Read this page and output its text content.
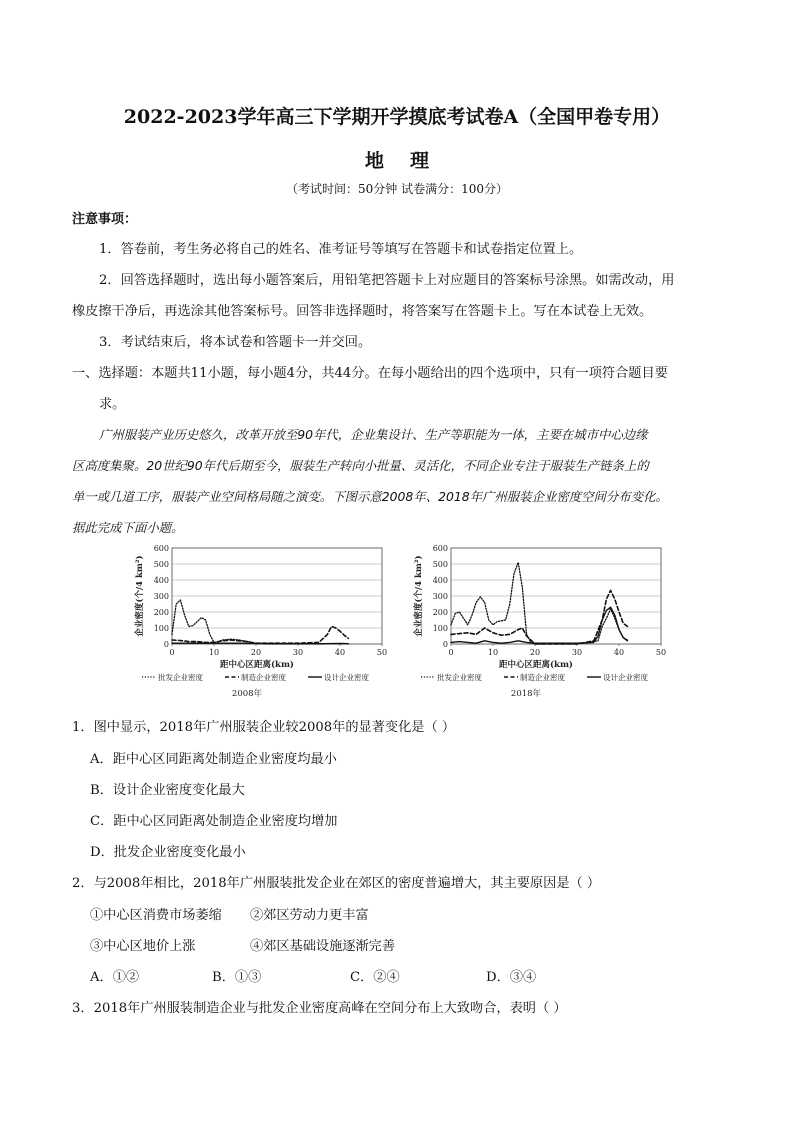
2022-2023学年高三下学期开学摸底考试卷A（全国甲卷专用）
地理
（考试时间：50分钟 试卷满分：100分）
注意事项：
1．答卷前，考生务必将自己的姓名、准考证号等填写在答题卡和试卷指定位置上。
2．回答选择题时，选出每小题答案后，用铅笔把答题卡上对应题目的答案标号涂黑。如需改动，用
橡皮擦干净后，再选涂其他答案标号。回答非选择题时，将答案写在答题卡上。写在本试卷上无效。
3．考试结束后，将本试卷和答题卡一并交回。
一、选择题：本题共11小题，每小题4分，共44分。在每小题给出的四个选项中，只有一项符合题目要
求。
广州服装产业历史悠久，改革开放至90年代，企业集设计、生产等职能为一体，主要在城市中心边缘
区高度集聚。20世纪90年代后期至今，服装生产转向小批量、灵活化，不同企业专注于服装生产链条上的
单一或几道工序，服装产业空间格局随之演变。下图示意2008年、2018年广州服装企业密度空间分布变化。
据此完成下面小题。
0
100
200
300
400
500
600
0	10	20	30	40	50
企业密度(个/4 km²)
距中心区距离(km)
批发企业密度	制造企业密度	设计企业密度
2008年
0
100
200
300
400
500
600
0	10	20	30	40	50
企业密度(个/4 km²)
距中心区距离(km)
批发企业密度	制造企业密度	设计企业密度
2018年
1．图中显示，2018年广州服装企业较2008年的显著变化是（ ）
A．距中心区同距离处制造企业密度均最小
B．设计企业密度变化最大
C．距中心区同距离处制造企业密度均增加
D．批发企业密度变化最小
2．与2008年相比，2018年广州服装批发企业在郊区的密度普遍增大，其主要原因是（ ）
①中心区消费市场萎缩 ②郊区劳动力更丰富
③中心区地价上涨	④郊区基础设施逐渐完善
A．①②	B．①③	C．②④	D．③④
3．2018年广州服装制造企业与批发企业密度高峰在空间分布上大致吻合，表明（ ）
